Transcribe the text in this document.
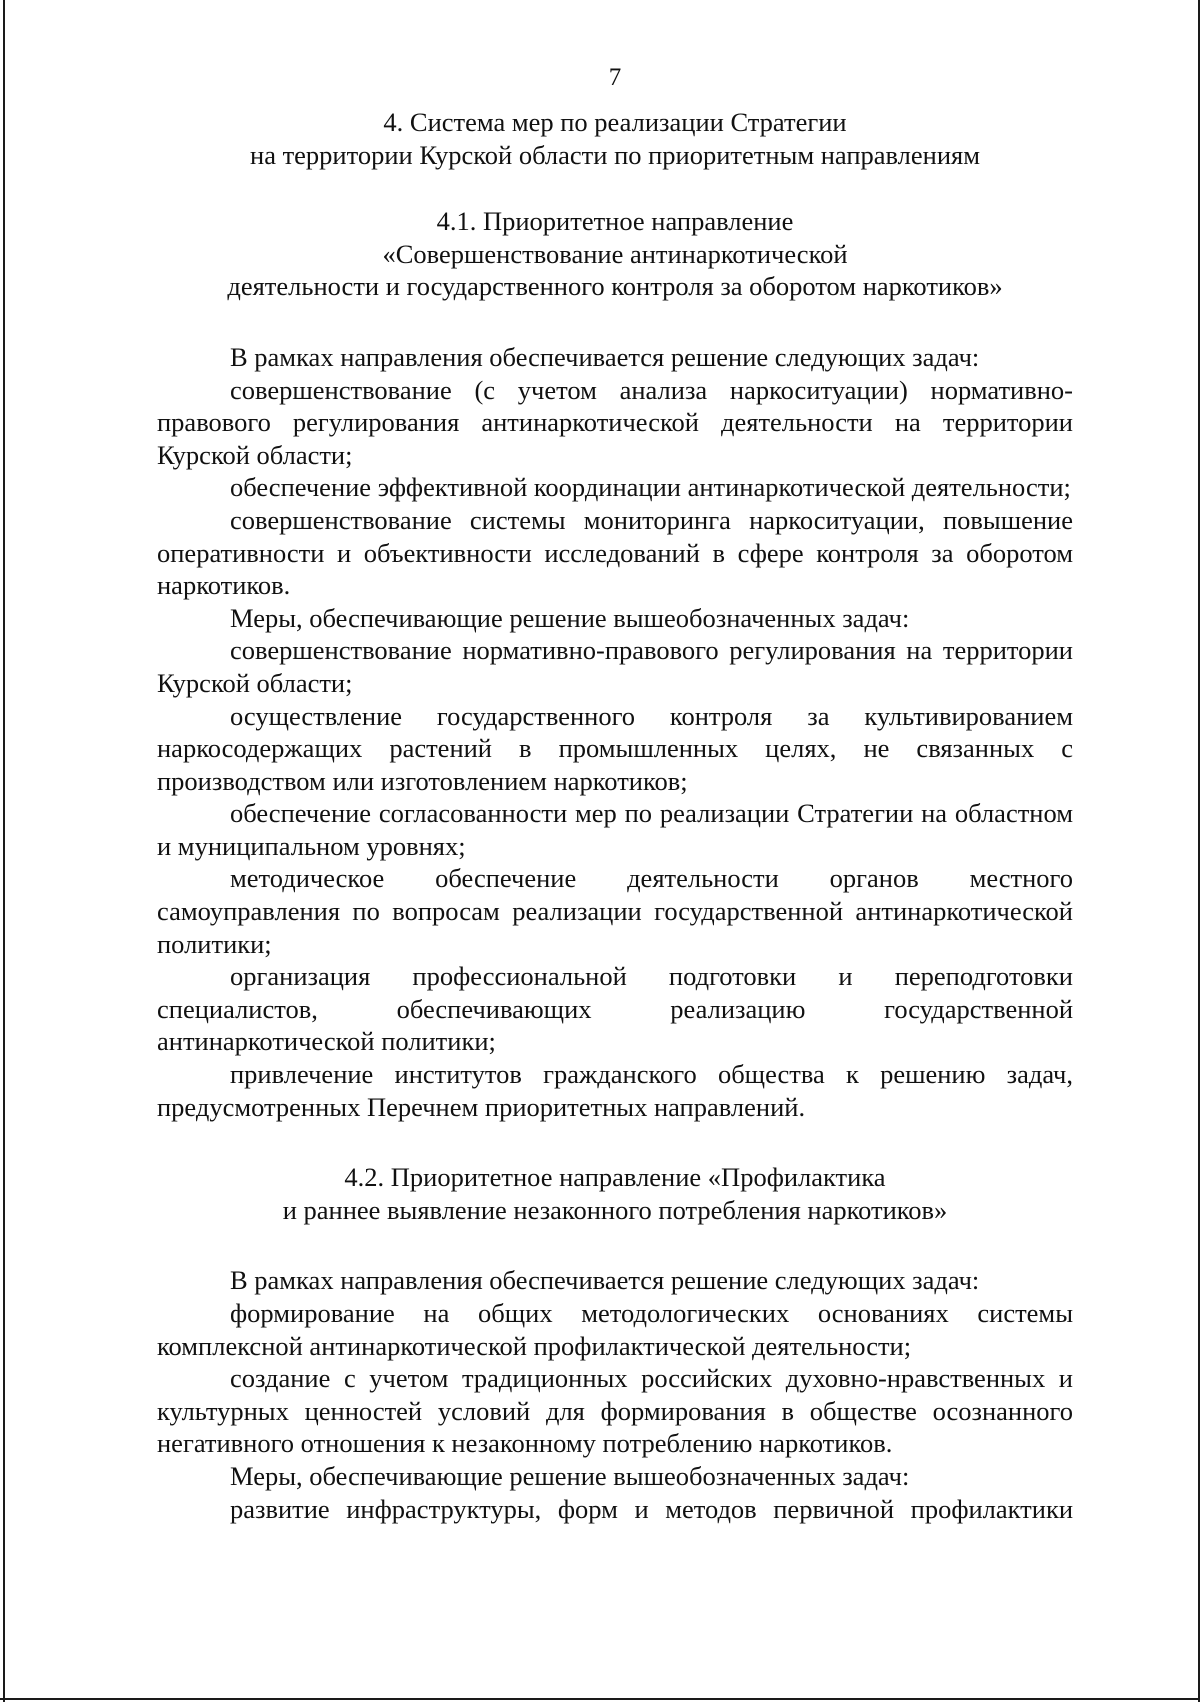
7
4. Система мер по реализации Стратегии
на территории Курской области по приоритетным направлениям
4.1. Приоритетное направление
«Совершенствование антинаркотической
деятельности и государственного контроля за оборотом наркотиков»

В рамках направления обеспечивается решение следующих задач:

совершенствование (с учетом анализа наркоситуации) нормативно-правового регулирования антинаркотической деятельности на территории Курской области;

обеспечение эффективной координации антинаркотической деятельности;

совершенствование системы мониторинга наркоситуации, повышение оперативности и объективности исследований в сфере контроля за оборотом наркотиков.

Меры, обеспечивающие решение вышеобозначенных задач:

совершенствование нормативно-правового регулирования на территории Курской области;

осуществление государственного контроля за культивированием наркосодержащих растений в промышленных целях, не связанных с производством или изготовлением наркотиков;

обеспечение согласованности мер по реализации Стратегии на областном и муниципальном уровнях;

методическое обеспечение деятельности органов местного самоуправления по вопросам реализации государственной антинаркотической политики;

организация профессиональной подготовки и переподготовки специалистов, обеспечивающих реализацию государственной антинаркотической политики;

привлечение институтов гражданского общества к решению задач, предусмотренных Перечнем приоритетных направлений.

4.2. Приоритетное направление «Профилактика
и раннее выявление незаконного потребления наркотиков»

В рамках направления обеспечивается решение следующих задач:

формирование на общих методологических основаниях системы комплексной антинаркотической профилактической деятельности;

создание с учетом традиционных российских духовно-нравственных и культурных ценностей условий для формирования в обществе осознанного негативного отношения к незаконному потреблению наркотиков.

Меры, обеспечивающие решение вышеобозначенных задач:

развитие инфраструктуры, форм и методов первичной профилактики
